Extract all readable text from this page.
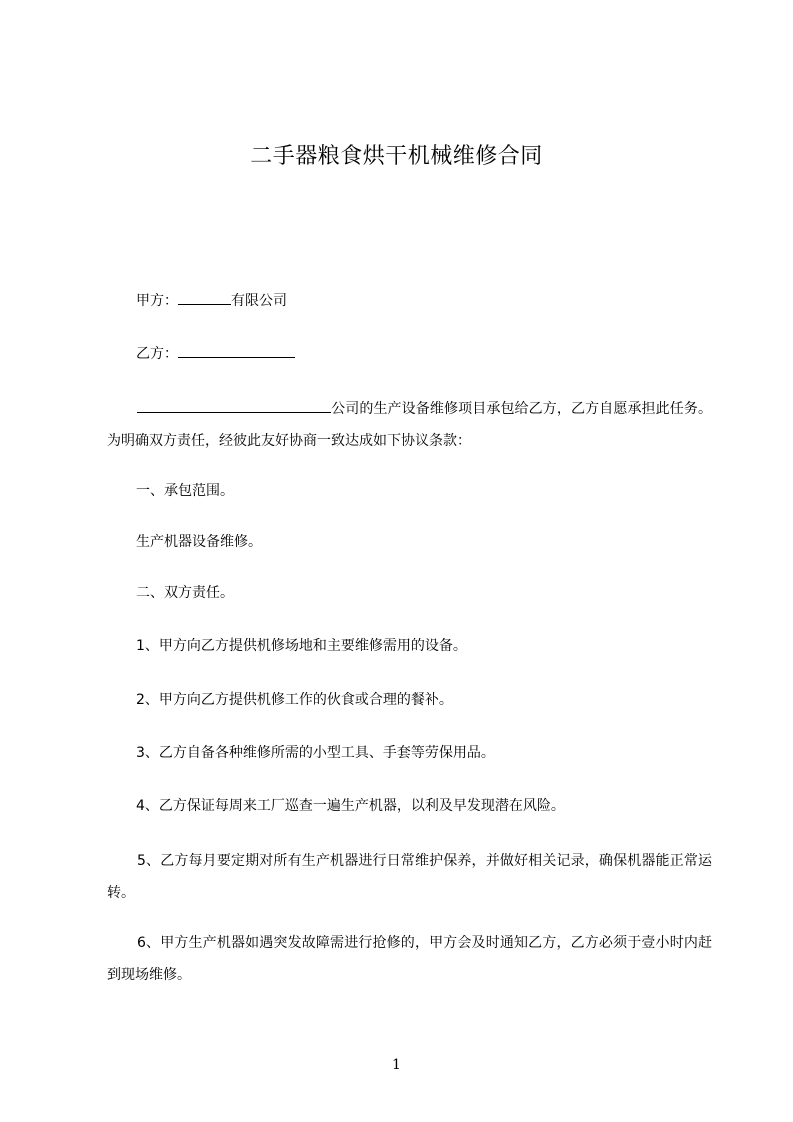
二手器粮食烘干机械维修合同
甲方：	有限公司
乙方：
公司的生产设备维修项目承包给乙方，乙方自愿承担此任务。为明确双方责任，经彼此友好协商一致达成如下协议条款：
一、承包范围。
生产机器设备维修。
二、双方责任。
1、甲方向乙方提供机修场地和主要维修需用的设备。
2、甲方向乙方提供机修工作的伙食或合理的餐补。
3、乙方自备各种维修所需的小型工具、手套等劳保用品。
4、乙方保证每周来工厂巡查一遍生产机器，以利及早发现潜在风险。
5、乙方每月要定期对所有生产机器进行日常维护保养，并做好相关记录，确保机器能正常运转。
6、甲方生产机器如遇突发故障需进行抢修的，甲方会及时通知乙方，乙方必须于壹小时内赶到现场维修。
1
